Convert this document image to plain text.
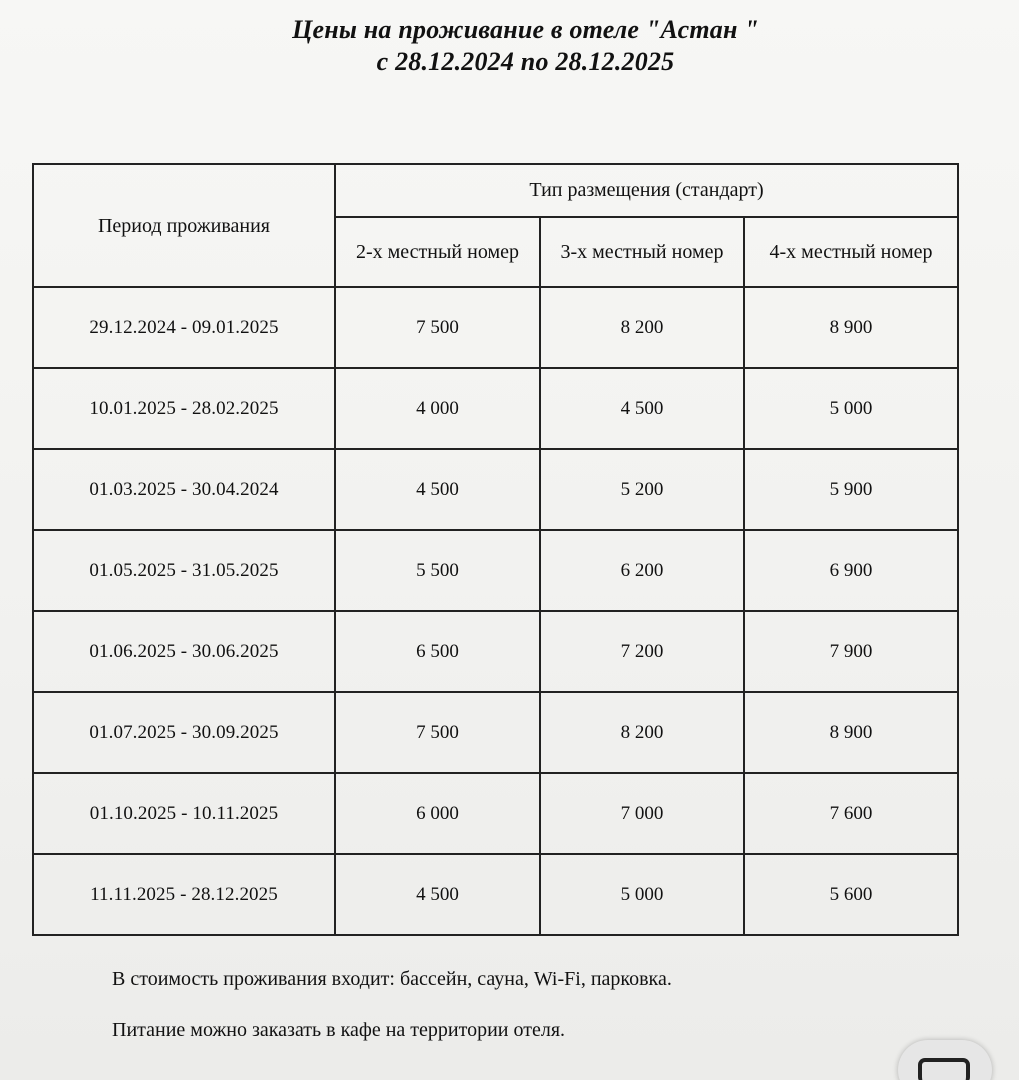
Цены на проживание в отеле "Астан "
с 28.12.2024 по 28.12.2025
Период проживания	Тип размещения (стандарт)		
	2-х местный номер	3-х местный номер	4-х местный номер
29.12.2024 - 09.01.2025	7 500	8 200	8 900
10.01.2025 - 28.02.2025	4 000	4 500	5 000
01.03.2025 - 30.04.2024	4 500	5 200	5 900
01.05.2025 - 31.05.2025	5 500	6 200	6 900
01.06.2025 - 30.06.2025	6 500	7 200	7 900
01.07.2025 - 30.09.2025	7 500	8 200	8 900
01.10.2025 - 10.11.2025	6 000	7 000	7 600
11.11.2025 - 28.12.2025	4 500	5 000	5 600
В стоимость проживания входит: бассейн, сауна, Wi-Fi, парковка.
Питание можно заказать в кафе на территории отеля.
